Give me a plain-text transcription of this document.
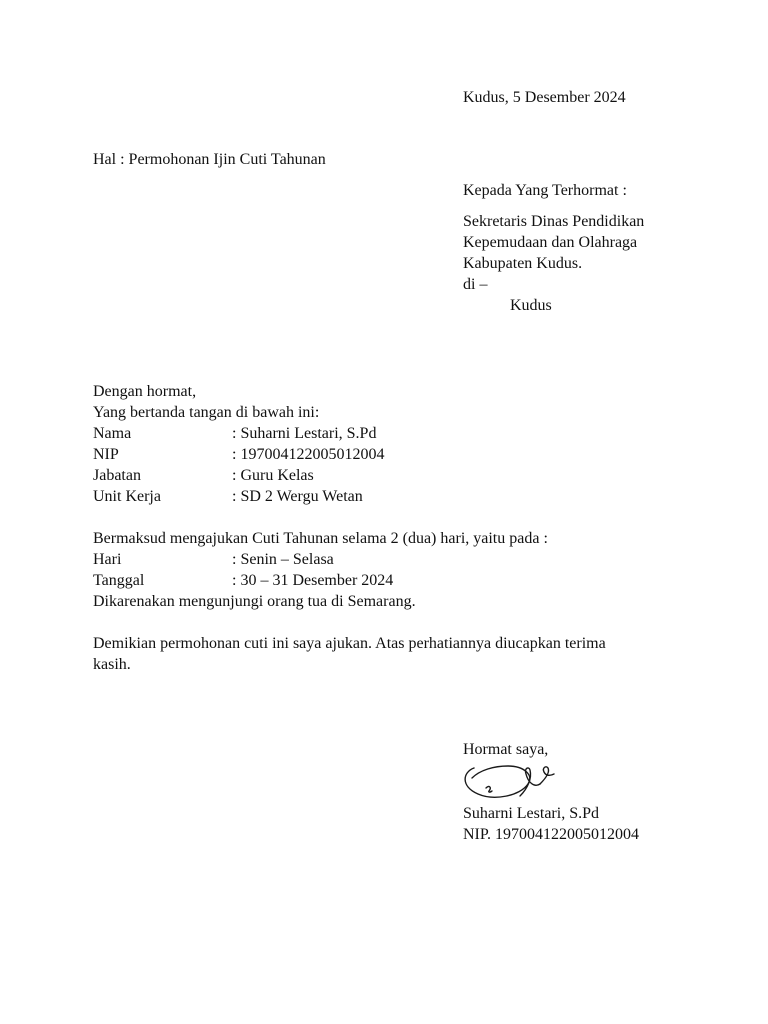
Kudus, 5 Desember 2024
Hal : Permohonan Ijin Cuti Tahunan
Kepada Yang Terhormat :
Sekretaris Dinas Pendidikan
Kepemudaan dan Olahraga
Kabupaten Kudus.
di –
Kudus
Dengan hormat,
Yang bertanda tangan di bawah ini:
Nama	: Suharni Lestari, S.Pd
NIP	: 197004122005012004
Jabatan	: Guru Kelas
Unit Kerja	: SD 2 Wergu Wetan
Bermaksud mengajukan Cuti Tahunan selama 2 (dua) hari, yaitu pada :
Hari	: Senin – Selasa
Tanggal	: 30 – 31 Desember 2024
Dikarenakan mengunjungi orang tua di Semarang.
Demikian permohonan cuti ini saya ajukan. Atas perhatiannya diucapkan terima
kasih.
Hormat saya,
Suharni Lestari, S.Pd
NIP. 197004122005012004
